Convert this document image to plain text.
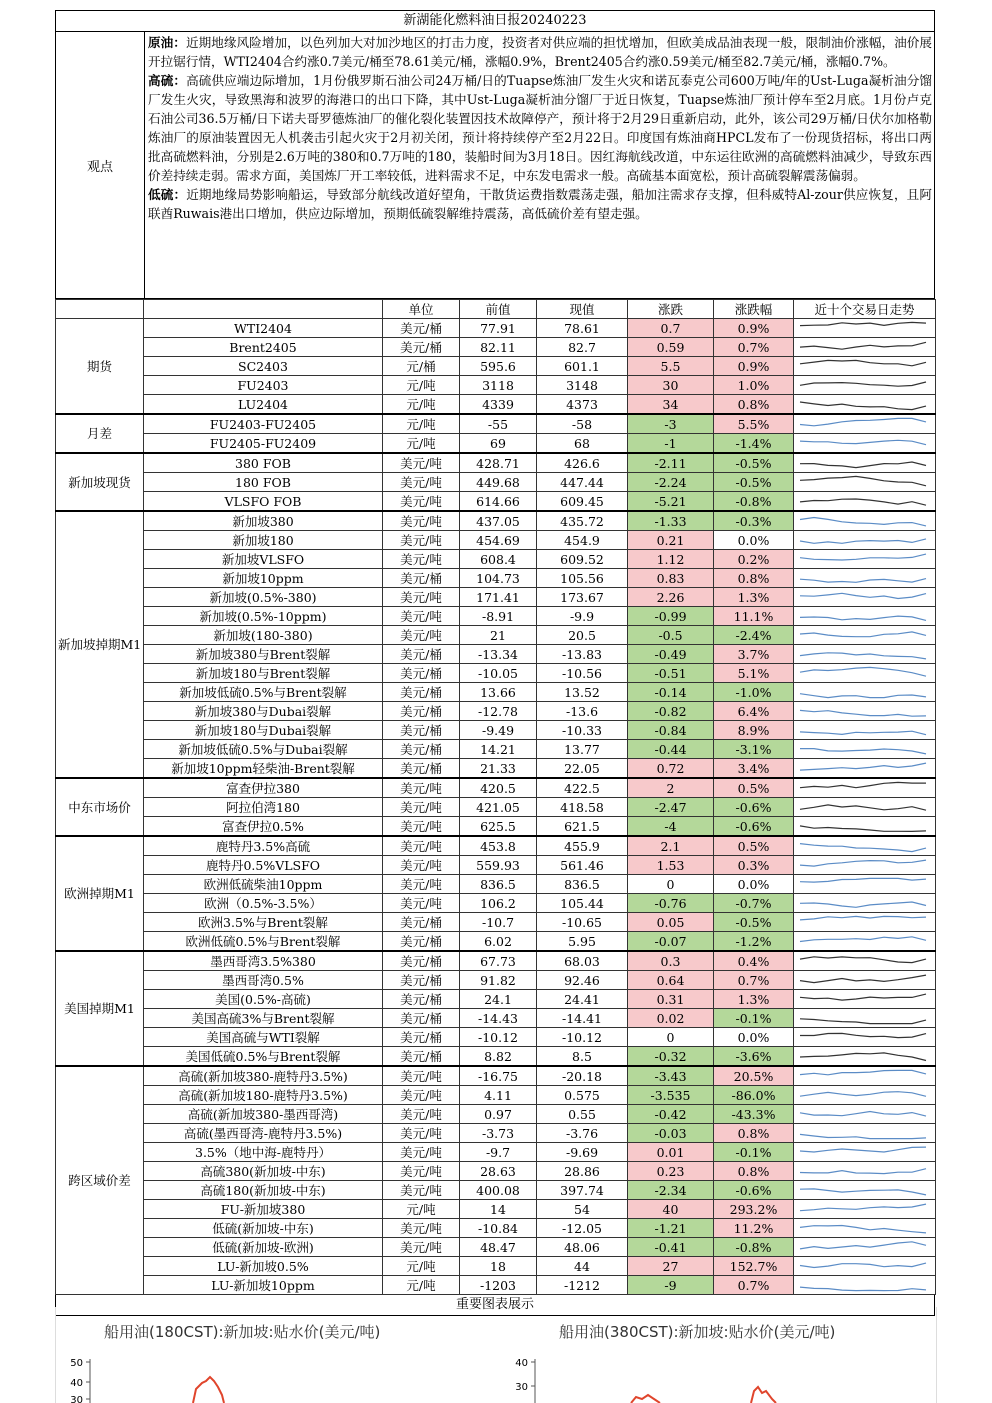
新湖能化燃料油日报20240223
观点

原油：近期地缘风险增加，以色列加大对加沙地区的打击力度，投资者对供应端的担忧增加，但欧美成品油表现一般，限制油价涨幅，油价展开拉锯行情，WTI2404合约涨0.7美元/桶至78.61美元/桶，涨幅0.9%，Brent2405合约涨0.59美元/桶至82.7美元/桶，涨幅0.7%。

高硫：高硫供应端边际增加，1月份俄罗斯石油公司24万桶/日的Tuapse炼油厂发生火灾和诺瓦泰克公司600万吨/年的Ust-Luga凝析油分馏厂发生火灾，导致黑海和波罗的海港口的出口下降，其中Ust-Luga凝析油分馏厂于近日恢复，Tuapse炼油厂预计停车至2月底。1月份卢克石油公司36.5万桶/日下诺夫哥罗德炼油厂的催化裂化装置因技术故障停产，预计将于2月29日重新启动，此外，该公司29万桶/日伏尔加格勒炼油厂的原油装置因无人机袭击引起火灾于2月初关闭，预计将持续停产至2月22日。印度国有炼油商HPCL发布了一份现货招标，将出口两批高硫燃料油，分别是2.6万吨的380和0.7万吨的180，装船时间为3月18日。因红海航线改道，中东运往欧洲的高硫燃料油减少，导致东西价差持续走弱。需求方面，美国炼厂开工率较低，进料需求不足，中东发电需求一般。高硫基本面宽松，预计高硫裂解震荡偏弱。

低硫：近期地缘局势影响船运，导致部分航线改道好望角，干散货运费指数震荡走强，船加注需求存支撑，但科威特Al-zour供应恢复，且阿联酋Ruwais港出口增加，供应边际增加，预期低硫裂解维持震荡，高低硫价差有望走强。

		单位	前值	现值	涨跌	涨跌幅	近十个交易日走势
期货	WTI2404	美元/桶	77.91	78.61	0.7	0.9%	

	Brent2405	美元/桶	82.11	82.7	0.59	0.7%	

	SC2403	元/桶	595.6	601.1	5.5	0.9%	

	FU2403	元/吨	3118	3148	30	1.0%	

	LU2404	元/吨	4339	4373	34	0.8%	

月差	FU2403-FU2405	元/吨	-55	-58	-3	5.5%	

	FU2405-FU2409	元/吨	69	68	-1	-1.4%	

新加坡现货	380 FOB	美元/吨	428.71	426.6	-2.11	-0.5%	

	180 FOB	美元/吨	449.68	447.44	-2.24	-0.5%	

	VLSFO FOB	美元/吨	614.66	609.45	-5.21	-0.8%	

新加坡掉期M1	新加坡380	美元/吨	437.05	435.72	-1.33	-0.3%	

	新加坡180	美元/吨	454.69	454.9	0.21	0.0%	

	新加坡VLSFO	美元/吨	608.4	609.52	1.12	0.2%	

	新加坡10ppm	美元/桶	104.73	105.56	0.83	0.8%	

	新加坡(0.5%-380)	美元/吨	171.41	173.67	2.26	1.3%	

	新加坡(0.5%-10ppm)	美元/吨	-8.91	-9.9	-0.99	11.1%	

	新加坡(180-380)	美元/吨	21	20.5	-0.5	-2.4%	

	新加坡380与Brent裂解	美元/桶	-13.34	-13.83	-0.49	3.7%	

	新加坡180与Brent裂解	美元/桶	-10.05	-10.56	-0.51	5.1%	

	新加坡低硫0.5%与Brent裂解	美元/桶	13.66	13.52	-0.14	-1.0%	

	新加坡380与Dubai裂解	美元/桶	-12.78	-13.6	-0.82	6.4%	

	新加坡180与Dubai裂解	美元/桶	-9.49	-10.33	-0.84	8.9%	

	新加坡低硫0.5%与Dubai裂解	美元/桶	14.21	13.77	-0.44	-3.1%	

	新加坡10ppm轻柴油-Brent裂解	美元/桶	21.33	22.05	0.72	3.4%	

中东市场价	富查伊拉380	美元/吨	420.5	422.5	2	0.5%	

	阿拉伯湾180	美元/吨	421.05	418.58	-2.47	-0.6%	

	富查伊拉0.5%	美元/吨	625.5	621.5	-4	-0.6%	

欧洲掉期M1	鹿特丹3.5%高硫	美元/吨	453.8	455.9	2.1	0.5%	

	鹿特丹0.5%VLSFO	美元/吨	559.93	561.46	1.53	0.3%	

	欧洲低硫柴油10ppm	美元/吨	836.5	836.5	0	0.0%	

	欧洲（0.5%-3.5%）	美元/吨	106.2	105.44	-0.76	-0.7%	

	欧洲3.5%与Brent裂解	美元/桶	-10.7	-10.65	0.05	-0.5%	

	欧洲低硫0.5%与Brent裂解	美元/桶	6.02	5.95	-0.07	-1.2%	

美国掉期M1	墨西哥湾3.5%380	美元/桶	67.73	68.03	0.3	0.4%	

	墨西哥湾0.5%	美元/桶	91.82	92.46	0.64	0.7%	

	美国(0.5%-高硫)	美元/桶	24.1	24.41	0.31	1.3%	

	美国高硫3%与Brent裂解	美元/桶	-14.43	-14.41	0.02	-0.1%	

	美国高硫与WTI裂解	美元/桶	-10.12	-10.12	0	0.0%	

	美国低硫0.5%与Brent裂解	美元/桶	8.82	8.5	-0.32	-3.6%	

跨区域价差	高硫(新加坡380-鹿特丹3.5%)	美元/吨	-16.75	-20.18	-3.43	20.5%	

	高硫(新加坡180-鹿特丹3.5%)	美元/吨	4.11	0.575	-3.535	-86.0%	

	高硫(新加坡380-墨西哥湾)	美元/吨	0.97	0.55	-0.42	-43.3%	

	高硫(墨西哥湾-鹿特丹3.5%)	美元/吨	-3.73	-3.76	-0.03	0.8%	

	3.5%（地中海-鹿特丹）	美元/吨	-9.7	-9.69	0.01	-0.1%	

	高硫380(新加坡-中东)	美元/吨	28.63	28.86	0.23	0.8%	

	高硫180(新加坡-中东)	美元/吨	400.08	397.74	-2.34	-0.6%	

	FU-新加坡380	元/吨	14	54	40	293.2%	

	低硫(新加坡-中东)	美元/吨	-10.84	-12.05	-1.21	11.2%	

	低硫(新加坡-欧洲)	美元/吨	48.47	48.06	-0.41	-0.8%	

	LU-新加坡0.5%	元/吨	18	44	27	152.7%	

	LU-新加坡10ppm	元/吨	-1203	-1212	-9	0.7%	
重要图表展示
船用油(180CST):新加坡:贴水价(美元/吨)	船用油(380CST):新加坡:贴水价(美元/吨)
50
40
30
40
30
